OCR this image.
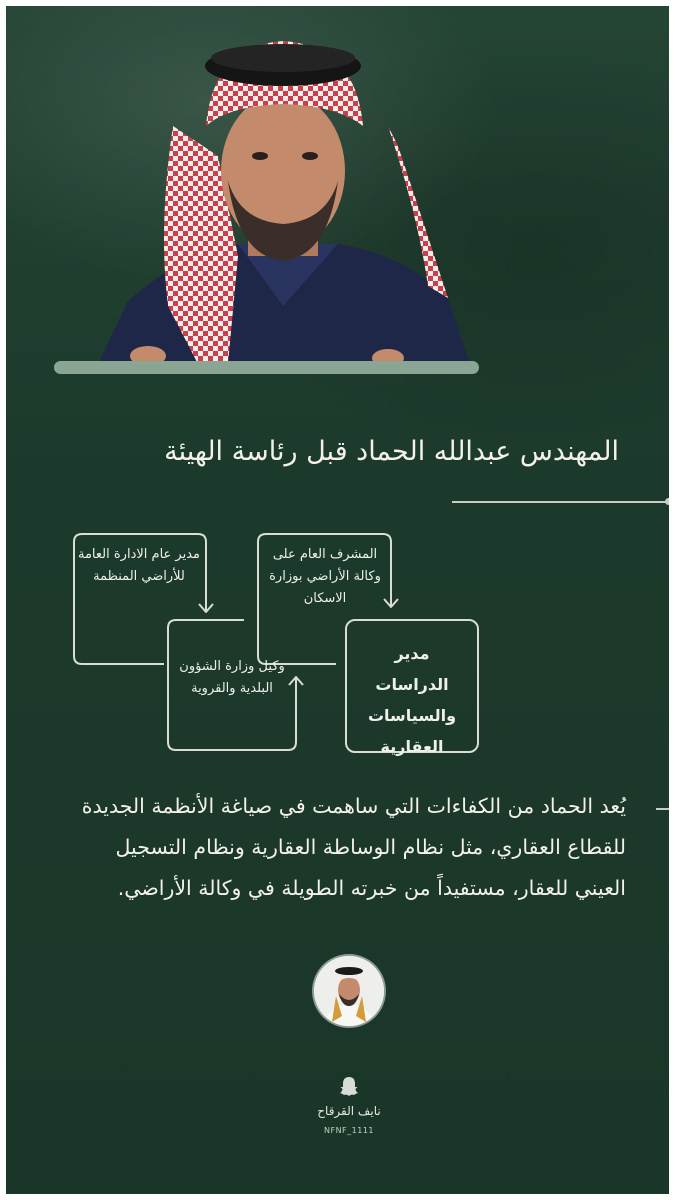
المهندس عبدالله الحماد قبل رئاسة الهيئة
مدير عام الادارة العامة للأراضي المنظمة
المشرف العام على وكالة الأراضي بوزارة الاسكان
وكيل وزارة الشؤون البلدية والقروية
مدير الدراسات والسياسات العقارية
يُعد الحماد من الكفاءات التي ساهمت في صياغة الأنظمة الجديدة للقطاع العقاري، مثل نظام الوساطة العقارية ونظام التسجيل العيني للعقار، مستفيداً من خبرته الطويلة في وكالة الأراضي.
نايف القرقاح
NFNF_1111
